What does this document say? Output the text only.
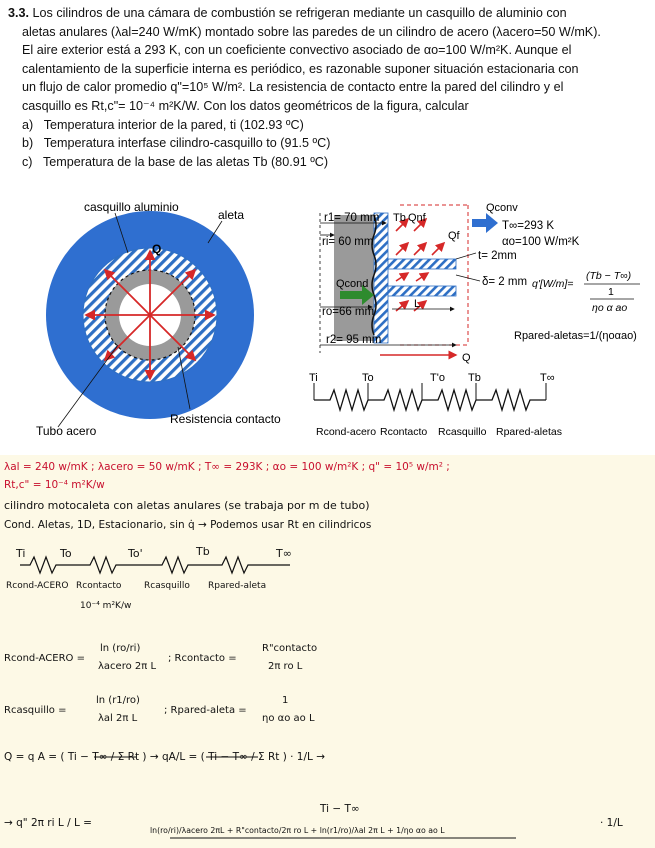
3.3. Los cilindros de una cámara de combustión se refrigeran mediante un casquillo de aluminio con
aletas anulares (λal=240 W/mK) montado sobre las paredes de un cilindro de acero (λacero=50 W/mK).
El aire exterior está a 293 K, con un coeficiente convectivo asociado de αo=100 W/m²K. Aunque el
calentamiento de la superficie interna es periódico, es razonable suponer situación estacionaria con
un flujo de calor promedio q"=10⁵ W/m². La resistencia de contacto entre la pared del cilindro y el
casquillo es Rt,c"= 10⁻⁴ m²K/W. Con los datos geométricos de la figura, calcular

a) Temperatura interior de la pared, ti (102.93 ºC)
b) Temperatura interfase cilindro-casquillo to (91.5 ºC)
c) Temperatura de la base de las aletas Tb (80.91 ºC)
casquillo aluminio
aleta
Q
Tubo acero
Resistencia contacto
r1= 70 mm
ri= 60 mm
Qcond
ro=66 mm
r2= 95 mm
Tb Qnf
Qf
Qconv
T∞=293 K
αo=100 W/m²K
t= 2mm
δ= 2 mm
L
q'[W/m]=
(Tb − T∞)
1
ηo α ao
Rpared-aletas=1/(ηoαao)
Q
Ti	To	T'o Tb	T∞
Rcond-acero Rcontacto Rcasquillo Rpared-aletas
λal = 240 w/mK ; λacero = 50 w/mK ; T∞ = 293K ; αo = 100 w/m²K ; q" = 10⁵ w/m² ;
Rt,c" = 10⁻⁴ m²K/w
cilindro motocaleta con aletas anulares (se trabaja por m de tubo)
Cond. Aletas, 1D, Estacionario, sin q̇ → Podemos usar Rt en cilindricos
Ti	To	To'	Tb	T∞
Rcond-ACERO Rcontacto	Rcasquillo Rpared-aleta
10⁻⁴ m²K/w
Rcond-ACERO =
ln (ro/ri)
λacero 2π L
; Rcontacto =
R"contacto
2π ro L
Rcasquillo =
ln (r1/ro)
λal 2π L
; Rpared-aleta =
1
ηo αo ao L
Q = q A = ( Ti − T∞ / Σ Rt ) → qA/L = ( Ti − T∞ / Σ Rt ) · 1/L →
→ q" 2π ri L / L =
Ti − T∞
ln(ro/ri)/λacero 2πL + R"contacto/2π ro L + ln(r1/ro)/λal 2π L + 1/ηo αo ao L
· 1/L
